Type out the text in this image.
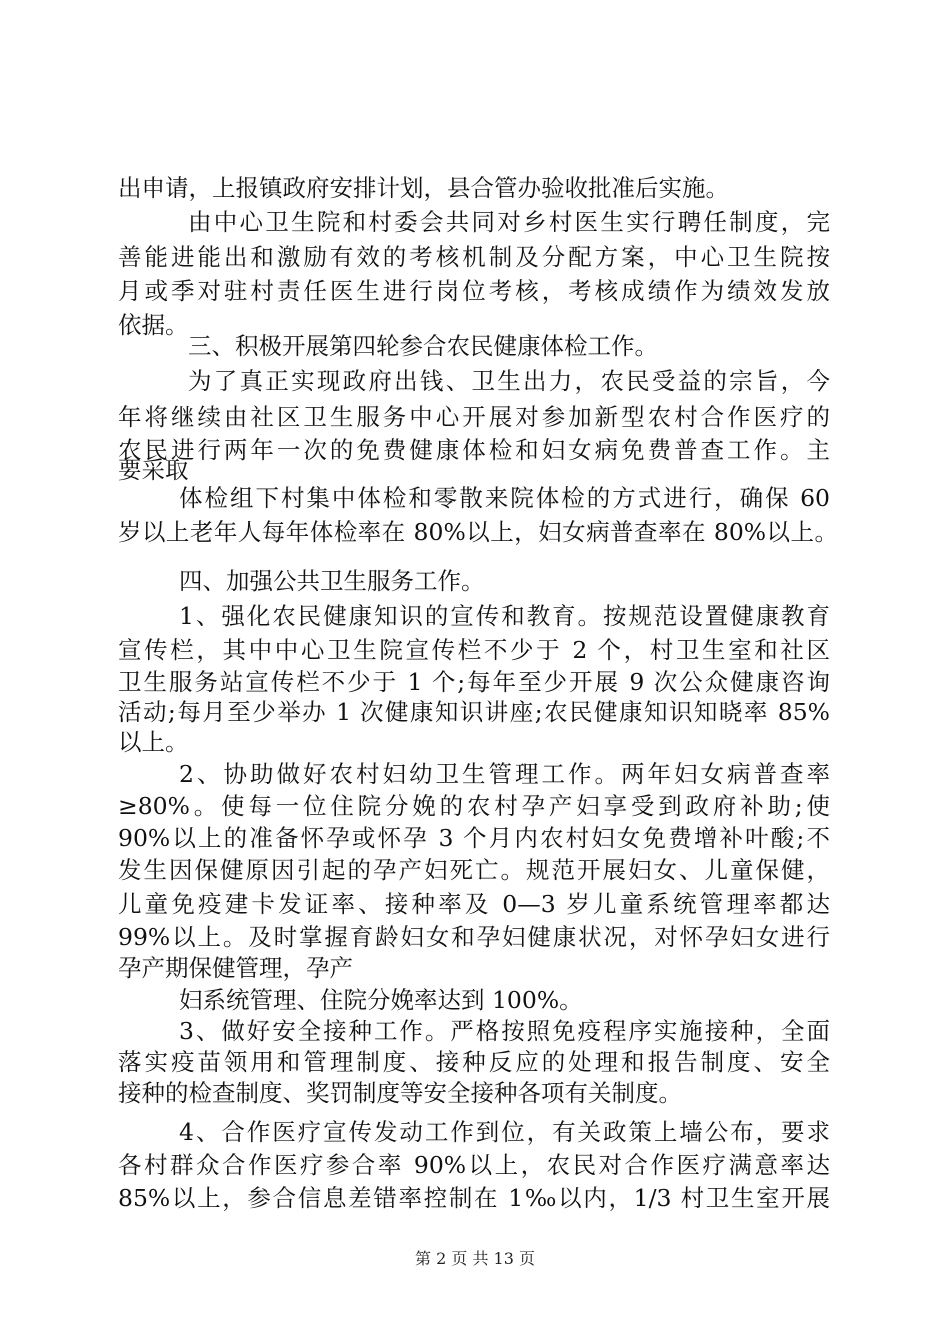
出申请，上报镇政府安排计划，县合管办验收批准后实施。
由中心卫生院和村委会共同对乡村医生实行聘任制度，完
善能进能出和激励有效的考核机制及分配方案，中心卫生院按
月或季对驻村责任医生进行岗位考核，考核成绩作为绩效发放
依据。
三、积极开展第四轮参合农民健康体检工作。
为了真正实现政府出钱、卫生出力，农民受益的宗旨，今
年将继续由社区卫生服务中心开展对参加新型农村合作医疗的
农民进行两年一次的免费健康体检和妇女病免费普查工作。主
要采取
体检组下村集中体检和零散来院体检的方式进行，确保 60
岁以上老年人每年体检率在 80%以上，妇女病普查率在 80%以上。
四、加强公共卫生服务工作。
1、强化农民健康知识的宣传和教育。按规范设置健康教育
宣传栏，其中中心卫生院宣传栏不少于 2 个，村卫生室和社区
卫生服务站宣传栏不少于 1 个;每年至少开展 9 次公众健康咨询
活动;每月至少举办 1 次健康知识讲座;农民健康知识知晓率 85%
以上。
2、协助做好农村妇幼卫生管理工作。两年妇女病普查率
≥80%。使每一位住院分娩的农村孕产妇享受到政府补助;使
90%以上的准备怀孕或怀孕 3 个月内农村妇女免费增补叶酸;不
发生因保健原因引起的孕产妇死亡。规范开展妇女、儿童保健，
儿童免疫建卡发证率、接种率及 0—3 岁儿童系统管理率都达
99%以上。及时掌握育龄妇女和孕妇健康状况，对怀孕妇女进行
孕产期保健管理，孕产
妇系统管理、住院分娩率达到 100%。
3、做好安全接种工作。严格按照免疫程序实施接种，全面
落实疫苗领用和管理制度、接种反应的处理和报告制度、安全
接种的检查制度、奖罚制度等安全接种各项有关制度。
4、合作医疗宣传发动工作到位，有关政策上墙公布，要求
各村群众合作医疗参合率 90%以上，农民对合作医疗满意率达
85%以上，参合信息差错率控制在 1‰以内，1/3 村卫生室开展
第 2 页 共 13 页
